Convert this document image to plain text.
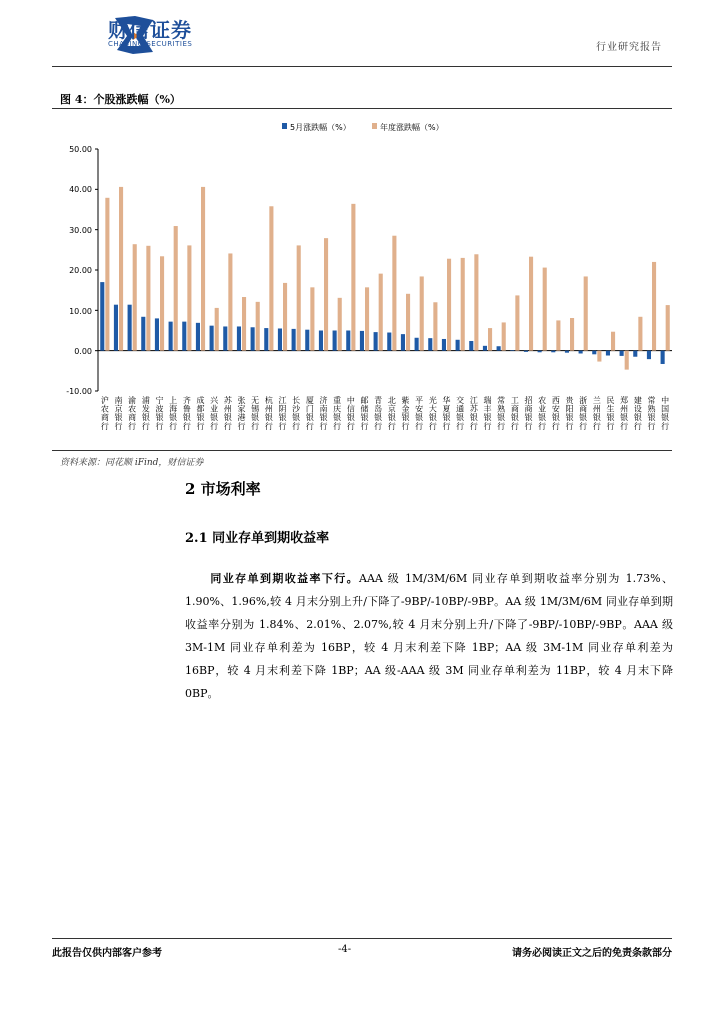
财信证券
CHASING SECURITIES	行业研究报告
图 4：个股涨跌幅（%）
5月涨跌幅（%）	年度涨跌幅（%）
50.00
40.00
30.00
20.00
10.00
0.00
-10.00
沪农商行
南京银行
渝农商行
浦发银行
宁波银行
上海银行
齐鲁银行
成都银行
兴业银行
苏州银行
张家港行
无锡银行
杭州银行
江阴银行
长沙银行
厦门银行
济南银行
重庆银行
中信银行
邮储银行
青岛银行
北京银行
紫金银行
平安银行
光大银行
华夏银行
交通银行
江苏银行
瑞丰银行
常熟银行
工商银行
招商银行
农业银行
西安银行
贵阳银行
浙商银行
兰州银行
民生银行
郑州银行
建设银行
常熟银行
中国银行
资料来源：同花顺 iFind，财信证券
2 市场利率
2.1 同业存单到期收益率
同业存单到期收益率下行。AAA 级 1M/3M/6M 同业存单到期收益率分别为 1.73%、1.90%、1.96%,较 4 月末分别上升/下降了-9BP/-10BP/-9BP。AA 级 1M/3M/6M 同业存单到期收益率分别为 1.84%、2.01%、2.07%,较 4 月末分别上升/下降了-9BP/-10BP/-9BP。AAA 级 3M-1M 同业存单利差为 16BP，较 4 月末利差下降 1BP；AA 级 3M-1M 同业存单利差为 16BP，较 4 月末利差下降 1BP；AA 级-AAA 级 3M 同业存单利差为 11BP，较 4 月末下降 0BP。
此报告仅供内部客户参考	-4-	请务必阅读正文之后的免责条款部分
